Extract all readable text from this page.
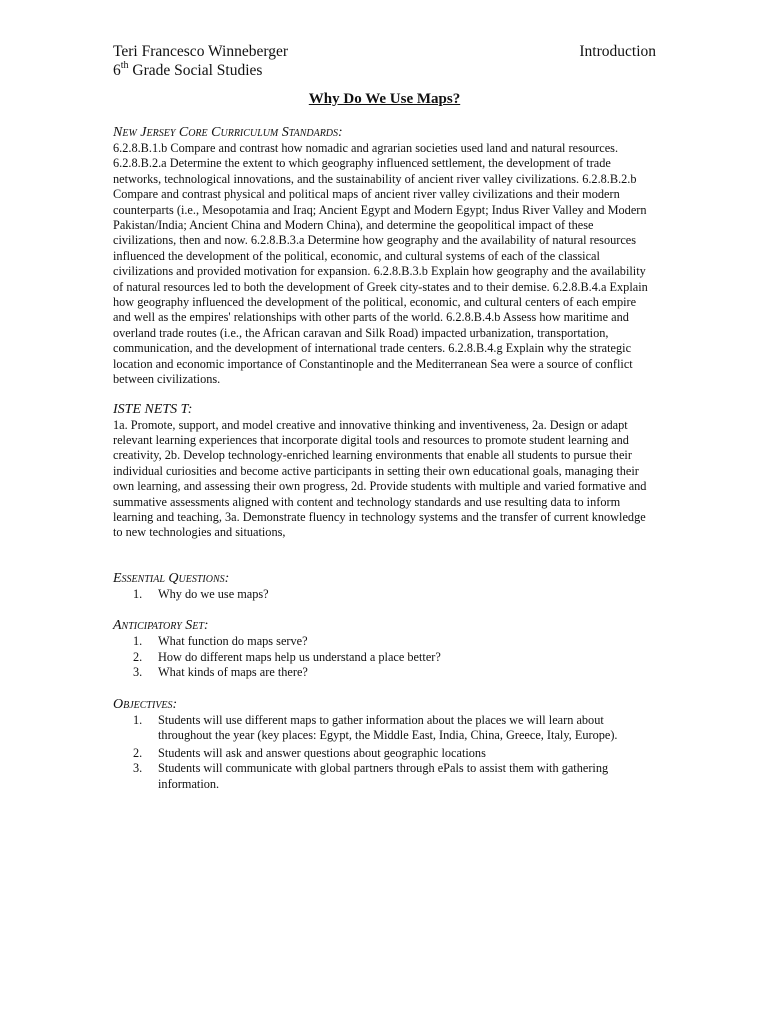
Teri Francesco Winneberger	Introduction
6th Grade Social Studies
Why Do We Use Maps?

New Jersey Core Curriculum Standards:

6.2.8.B.1.b Compare and contrast how nomadic and agrarian societies used land and natural resources. 6.2.8.B.2.a Determine the extent to which geography influenced settlement, the development of trade networks, technological innovations, and the sustainability of ancient river valley civilizations. 6.2.8.B.2.b Compare and contrast physical and political maps of ancient river valley civilizations and their modern counterparts (i.e., Mesopotamia and Iraq; Ancient Egypt and Modern Egypt; Indus River Valley and Modern Pakistan/India; Ancient China and Modern China), and determine the geopolitical impact of these civilizations, then and now. 6.2.8.B.3.a Determine how geography and the availability of natural resources influenced the development of the political, economic, and cultural systems of each of the classical civilizations and provided motivation for expansion. 6.2.8.B.3.b Explain how geography and the availability of natural resources led to both the development of Greek city-states and to their demise. 6.2.8.B.4.a Explain how geography influenced the development of the political, economic, and cultural centers of each empire and well as the empires' relationships with other parts of the world. 6.2.8.B.4.b Assess how maritime and overland trade routes (i.e., the African caravan and Silk Road) impacted urbanization, transportation, communication, and the development of international trade centers. 6.2.8.B.4.g Explain why the strategic location and economic importance of Constantinople and the Mediterranean Sea were a source of conflict between civilizations.

ISTE NETS T:

1a. Promote, support, and model creative and innovative thinking and inventiveness, 2a. Design or adapt relevant learning experiences that incorporate digital tools and resources to promote student learning and creativity, 2b. Develop technology-enriched learning environments that enable all students to pursue their individual curiosities and become active participants in setting their own educational goals, managing their own learning, and assessing their own progress, 2d. Provide students with multiple and varied formative and summative assessments aligned with content and technology standards and use resulting data to inform learning and teaching, 3a. Demonstrate fluency in technology systems and the transfer of current knowledge to new technologies and situations,

Essential Questions:

1.	Why do we use maps?

Anticipatory Set:

1.	What function do maps serve?
2.	How do different maps help us understand a place better?
3.	What kinds of maps are there?

Objectives:

1.	Students will use different maps to gather information about the places we will learn about throughout the year (key places: Egypt, the Middle East, India, China, Greece, Italy, Europe).
2.	Students will ask and answer questions about geographic locations
3.	Students will communicate with global partners through ePals to assist them with gathering information.
